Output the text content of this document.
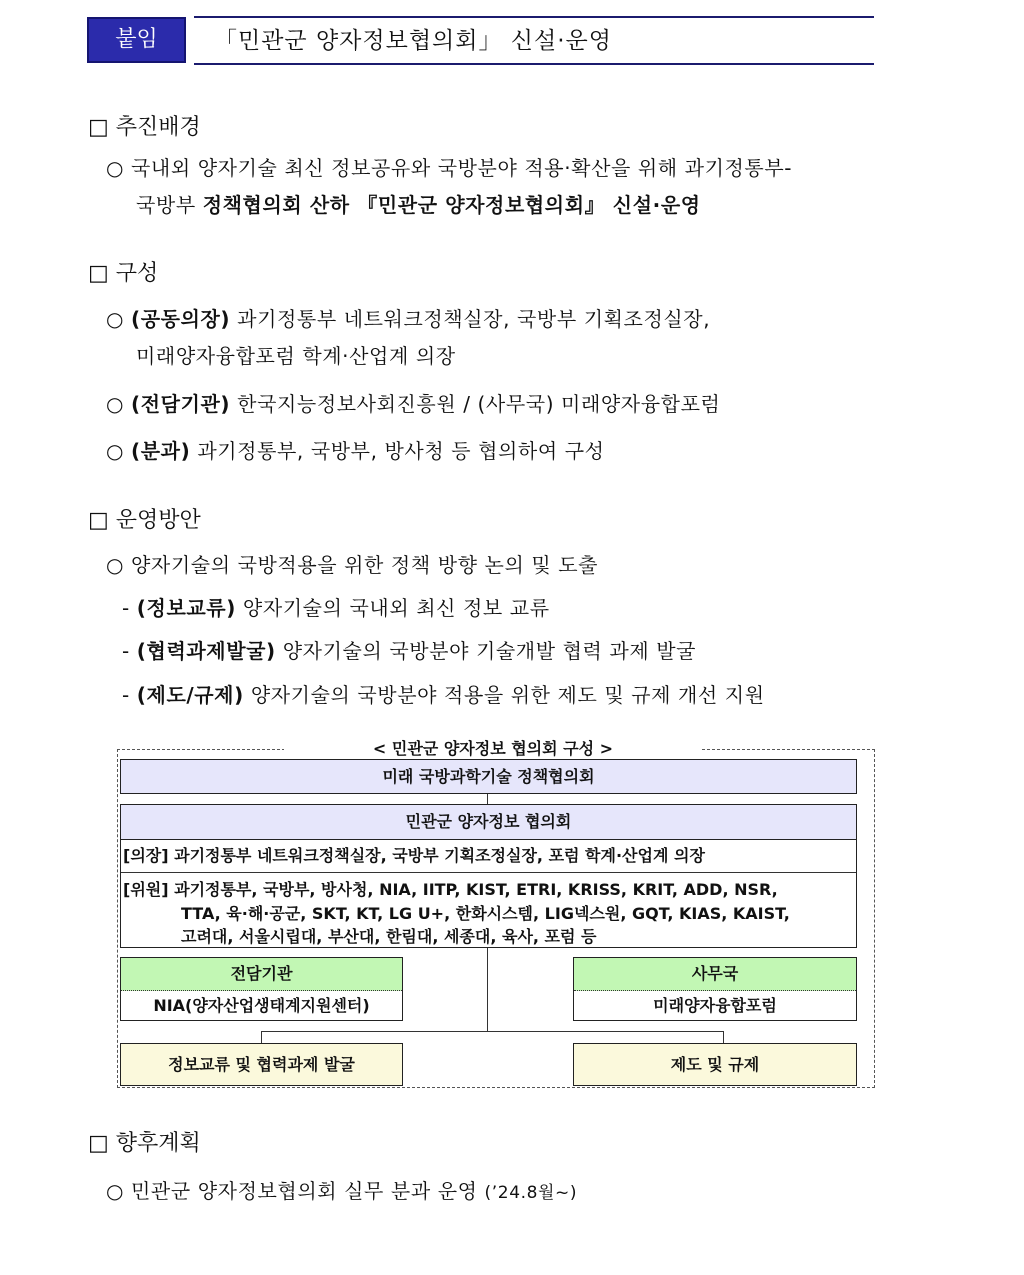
붙임	「민관군 양자정보협의회」 신설·운영
□ 추진배경
○ 국내외 양자기술 최신 정보공유와 국방분야 적용·확산을 위해 과기정통부-
국방부 정책협의회 산하 『민관군 양자정보협의회』 신설·운영
□ 구성
○ (공동의장) 과기정통부 네트워크정책실장, 국방부 기획조정실장,
미래양자융합포럼 학계·산업계 의장
○ (전담기관) 한국지능정보사회진흥원 / (사무국) 미래양자융합포럼
○ (분과) 과기정통부, 국방부, 방사청 등 협의하여 구성
□ 운영방안
○ 양자기술의 국방적용을 위한 정책 방향 논의 및 도출
- (정보교류) 양자기술의 국내외 최신 정보 교류
- (협력과제발굴) 양자기술의 국방분야 기술개발 협력 과제 발굴
- (제도/규제) 양자기술의 국방분야 적용을 위한 제도 및 규제 개선 지원
< 민관군 양자정보 협의회 구성 >
미래 국방과학기술 정책협의회
민관군 양자정보 협의회
[의장] 과기정통부 네트워크정책실장, 국방부 기획조정실장, 포럼 학계·산업계 의장
[위원] 과기정통부, 국방부, 방사청, NIA, IITP, KIST, ETRI, KRISS, KRIT, ADD, NSR,
TTA, 육·해·공군, SKT, KT, LG U+, 한화시스템, LIG넥스원, GQT, KIAS, KAIST,
고려대, 서울시립대, 부산대, 한림대, 세종대, 육사, 포럼 등
전담기관
NIA(양자산업생태계지원센터)
사무국
미래양자융합포럼
정보교류 및 협력과제 발굴	제도 및 규제
□ 향후계획
○ 민관군 양자정보협의회 실무 분과 운영 (’24.8월~)
